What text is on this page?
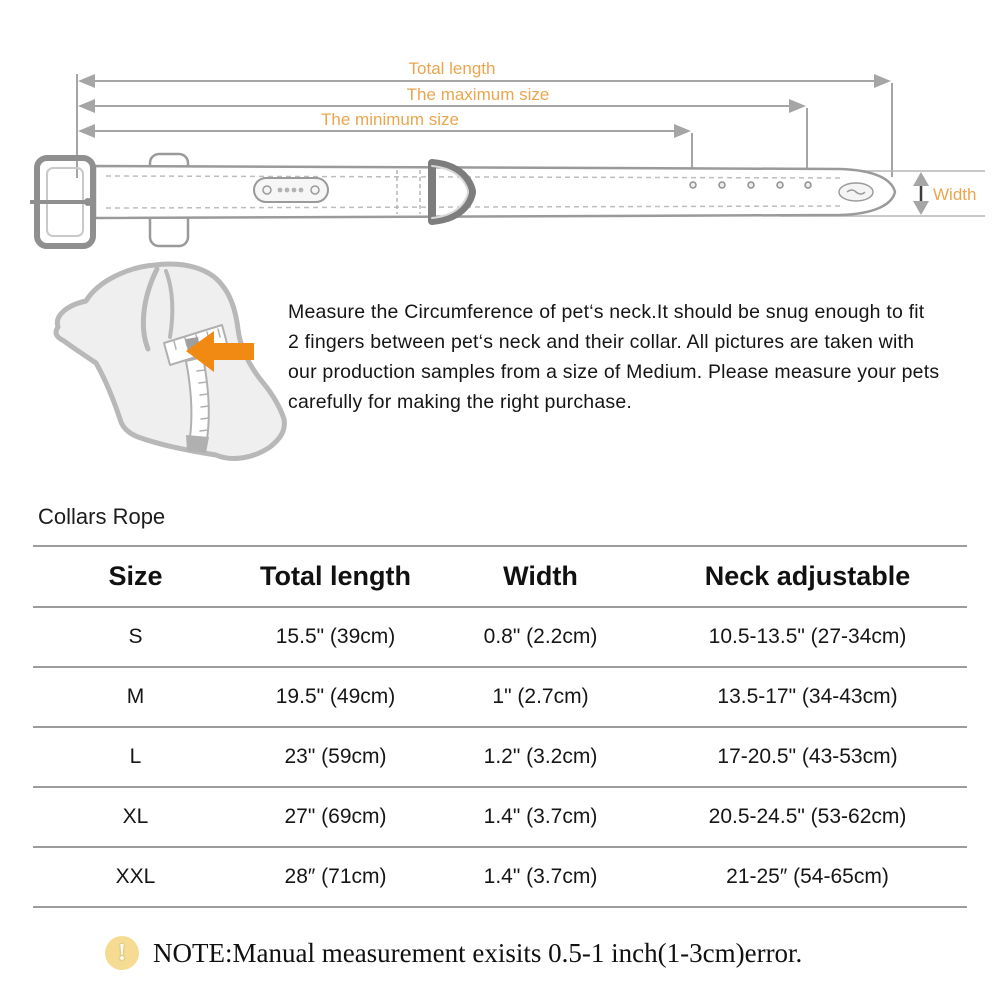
Total length
The maximum size
The minimum size
Width
Measure the Circumference of pet‘s neck.It should be snug enough to fit 2 fingers between pet‘s neck and their collar. All pictures are taken with our production samples from a size of Medium. Please measure your pets carefully for making the right purchase.
Collars Rope
Size	Total length	Width	Neck adjustable
S	15.5" (39cm)	0.8" (2.2cm)	10.5-13.5" (27-34cm)
M	19.5" (49cm)	1" (2.7cm)	13.5-17" (34-43cm)
L	23" (59cm)	1.2" (3.2cm)	17-20.5" (43-53cm)
XL	27" (69cm)	1.4" (3.7cm)	20.5-24.5" (53-62cm)
XXL	28″ (71cm)	1.4" (3.7cm)	21-25″ (54-65cm)
!	NOTE:Manual measurement exisits 0.5-1 inch(1-3cm)error.
